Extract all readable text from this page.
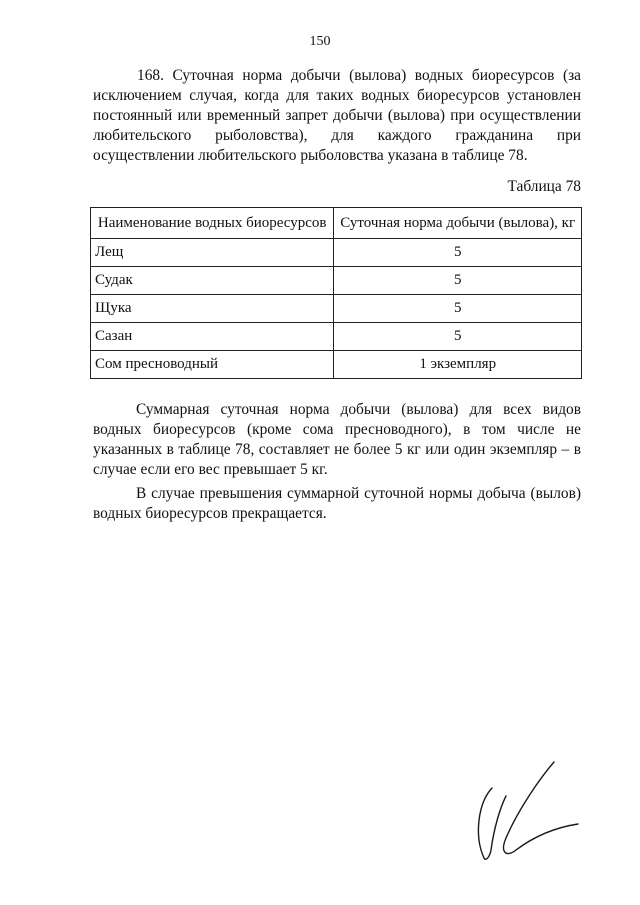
150

168. Суточная норма добычи (вылова) водных биоресурсов (за исключением случая, когда для таких водных биоресурсов установлен постоянный или временный запрет добычи (вылова) при осуществлении любительского рыболовства), для каждого гражданина при осуществлении любительского рыболовства указана в таблице 78.

Таблица 78
Наименование водных биоресурсов	Суточная норма добычи (вылова), кг
Лещ	5
Судак	5
Щука	5
Сазан	5
Сом пресноводный	1 экземпляр

Суммарная суточная норма добычи (вылова) для всех видов водных биоресурсов (кроме сома пресноводного), в том числе не указанных в таблице 78, составляет не более 5 кг или один экземпляр – в случае если его вес превышает 5 кг.

В случае превышения суммарной суточной нормы добыча (вылов) водных биоресурсов прекращается.
